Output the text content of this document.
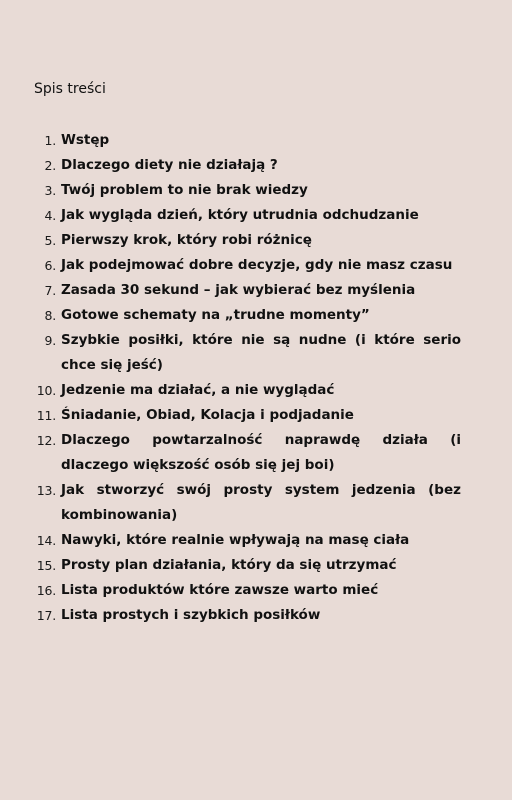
Spis treści
1. Wstęp
2. Dlaczego diety nie działają ?
3. Twój problem to nie brak wiedzy
4. Jak wygląda dzień, który utrudnia odchudzanie
5. Pierwszy krok, który robi różnicę
6. Jak podejmować dobre decyzje, gdy nie masz czasu
7. Zasada 30 sekund – jak wybierać bez myślenia
8. Gotowe schematy na „trudne momenty”
9. Szybkie posiłki, które nie są nudne (i które serio chce się jeść)
10. Jedzenie ma działać, a nie wyglądać
11. Śniadanie, Obiad, Kolacja i podjadanie
12. Dlaczego powtarzalność naprawdę działa (i dlaczego większość osób się jej boi)
13. Jak stworzyć swój prosty system jedzenia (bez kombinowania)
14. Nawyki, które realnie wpływają na masę ciała
15. Prosty plan działania, który da się utrzymać
16. Lista produktów które zawsze warto mieć
17. Lista prostych i szybkich posiłków
